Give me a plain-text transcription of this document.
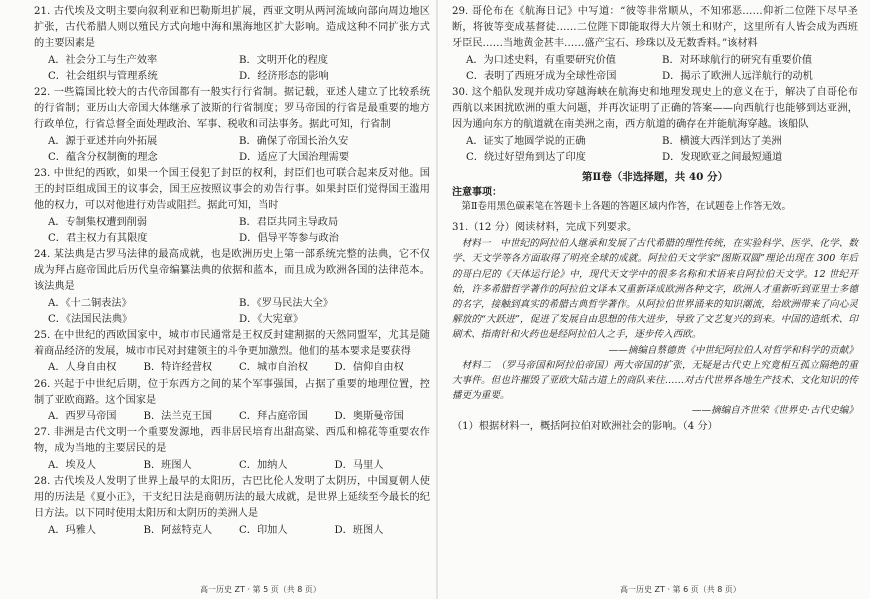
21. 古代埃及文明主要向叙利亚和巴勒斯坦扩展，西亚文明从两河流域向部向周边地区扩张，古代希腊人则以殖民方式向地中海和黑海地区扩大影响。造成这种不同扩张方式的主要因素是
A．社会分工与生产效率	B．文明开化的程度
C．社会组织与管理系统	D．经济形态的影响
22. 一些篇国比较大的古代帝国都有一般实行行省制。据记载，亚述人建立了比较系统的行省制；亚历山大帝国大体继承了波斯的行省制度；罗马帝国的行省是最重要的地方行政单位，行省总督全面处理政治、军事、税收和司法事务。据此可知，行省制
A．源于亚述并向外拓展	B．确保了帝国长治久安
C．蕴含分权制衡的理念	D．适应了大国治理需要
23. 中世纪的西欧，如果一个国王侵犯了封臣的权利，封臣们也可联合起来反对他。国王的封臣组成国王的议事会，国王应按照议事会的劝告行事。如果封臣们觉得国王滥用他的权力，可以对他进行劝告或阻拦。据此可知，当时
A．专制集权遭到削弱	B．君臣共同主导政局
C．君主权力有其限度	D．倡导平等参与政治
24. 某法典是古罗马法律的最高成就，也是欧洲历史上第一部系统完整的法典，它不仅成为拜占庭帝国此后历代皇帝编纂法典的依据和蓝本，而且成为欧洲各国的法律范本。该法典是
A．《十二铜表法》	B．《罗马民法大全》
C．《法国民法典》	D．《大宪章》
25. 在中世纪的西欧国家中，城市市民通常是王权反封建割据的天然同盟军，尤其是随着商品经济的发展，城市市民对封建领主的斗争更加激烈。他们的基本要求是要获得
A．人身自由权	B．特许经营权	C．城市自治权	D．信仰自由权
26. 兴起于中世纪后期，位于东西方之间的某个军事强国，占据了重要的地理位置，控制了亚欧商路。这个国家是
A．西罗马帝国	B．法兰克王国	C．拜占庭帝国	D．奥斯曼帝国
27. 非洲是古代文明一个重要发源地，西非居民培育出甜高粱、西瓜和棉花等重要农作物，成为当地的主要居民的是
A．埃及人	B．班图人	C．加纳人	D．马里人
28. 古代埃及人发明了世界上最早的太阳历，古巴比伦人发明了太阴历，中国夏朝人使用的历法是《夏小正》，干支纪日法是商朝历法的最大成就，是世界上延续至今最长的纪日方法。以下同时使用太阳历和太阴历的美洲人是
A．玛雅人	B．阿兹特克人	C．印加人	D．班图人
29. 哥伦布在《航海日记》中写道：“彼等非常顺从，不知邪恶……仰祈二位陛下尽早圣断，将彼等变成基督徒……二位陛下即能取得大片领土和财产，这里所有人皆会成为西班牙臣民……当地黄金甚丰……盛产宝石、珍珠以及无数香料。”该材料
A．为口述史料，有重要研究价值	B．对环球航行的研究有重要价值
C．表明了西班牙成为全球性帝国	D．揭示了欧洲人远洋航行的动机
30. 这个船队发现并成功穿越海峡在航海史和地理发现史上的意义在于，解决了自哥伦布西航以来困扰欧洲的重大问题，并再次证明了正确的答案——向西航行也能够到达亚洲，因为通向东方的航道就在南美洲之南，西方航道的确存在并能航海穿越。该船队
A．证实了地圆学说的正确	B．横渡大西洋到达了美洲
C．绕过好望角到达了印度	D．发现欧亚之间最短通道
第Ⅱ卷（非选择题，共 40 分）
注意事项：
第Ⅱ卷用黑色碳素笔在答题卡上各题的答题区域内作答，在试题卷上作答无效。
31.（12 分）阅读材料，完成下列要求。
材料一　中世纪的阿拉伯人继承和发展了古代希腊的理性传统，在实验科学、医学、化学、数学、天文学等各方面取得了明亮全球的成就。阿拉伯天文学家“图斯双圆”理论出现在 300 年后的哥白尼的《天体运行论》中，现代天文学中的很多名称和术语来自阿拉伯天文学。12 世纪开始，许多希腊哲学著作的阿拉伯文译本又重新译成欧洲各种文字，欧洲人才重新听到亚里士多德的名字，接触到真实的希腊古典哲学著作。从阿拉伯世界涌来的知识潮流，给欧洲带来了向心灵解放的“大跃进”，促进了发展自由思想的伟大进步，导致了文艺复兴的到来。中国的造纸术、印刷术、指南针和火药也是经阿拉伯人之手，逐步传入西欧。
——摘编自蔡德贵《中世纪阿拉伯人对哲学和科学的贡献》
材料二　（罗马帝国和阿拉伯帝国）两大帝国的扩张，无疑是古代史上究竟相互孤立隔绝的重大事件。但也许摧毁了亚欧大陆古道上的商队来往……对古代世界各地生产技术、文化知识的传播更为重要。
——摘编自齐世荣《世界史·古代史编》
（1）根据材料一，概括阿拉伯对欧洲社会的影响。（4 分）
高一历史 ZT · 第 5 页（共 8 页）	高一历史 ZT · 第 6 页（共 8 页）
